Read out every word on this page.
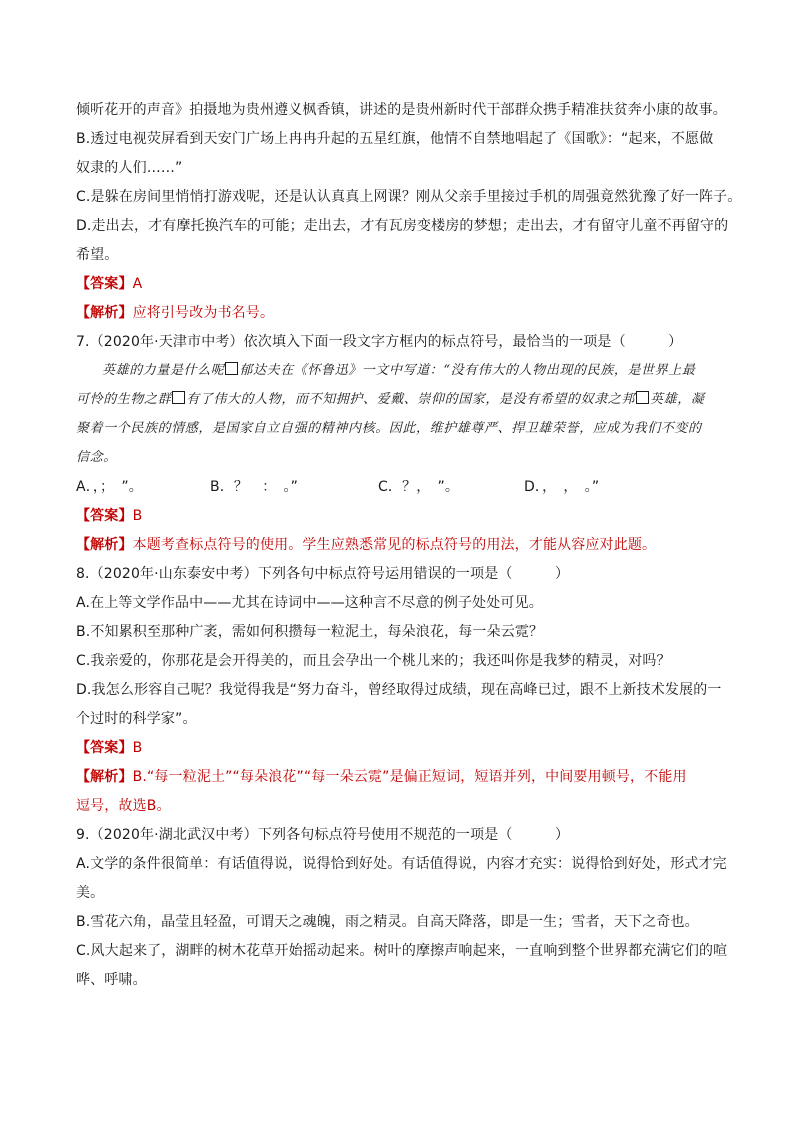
倾听花开的声音》拍摄地为贵州遵义枫香镇，讲述的是贵州新时代干部群众携手精准扶贫奔小康的故事。
B.透过电视荧屏看到天安门广场上冉冉升起的五星红旗，他情不自禁地唱起了《国歌》：“起来，不愿做
奴隶的人们……”
C.是躲在房间里悄悄打游戏呢，还是认认真真上网课？刚从父亲手里接过手机的周强竟然犹豫了好一阵子。
D.走出去，才有摩托换汽车的可能；走出去，才有瓦房变楼房的梦想；走出去，才有留守儿童不再留守的
希望。
【答案】A
【解析】应将引号改为书名号。
7.（2020年·天津市中考）依次填入下面一段文字方框内的标点符号，最恰当的一项是（　　　）
英雄的力量是什么呢 郁达夫在《怀鲁迅》一文中写道：“没有伟大的人物出现的民族，是世界上最
可怜的生物之群 有了伟大的人物，而不知拥护、爱戴、崇仰的国家，是没有希望的奴隶之邦 英雄，凝
聚着一个民族的情感，是国家自立自强的精神内核。因此，维护雄尊严、捍卫雄荣誉，应成为我们不变的
信念。
A．，；　”。	B．？　：　。”	C．？，　”。	D．，　，　。”
【答案】B
【解析】本题考查标点符号的使用。学生应熟悉常见的标点符号的用法，才能从容应对此题。
8.（2020年·山东泰安中考）下列各句中标点符号运用错误的一项是（　　　）
A.在上等文学作品中——尤其在诗词中——这种言不尽意的例子处处可见。
B.不知累积至那种广袤，需如何积攒每一粒泥土，每朵浪花，每一朵云霓？
C.我亲爱的，你那花是会开得美的，而且会孕出一个桃儿来的；我还叫你是我梦的精灵，对吗？
D.我怎么形容自己呢？我觉得我是“努力奋斗，曾经取得过成绩，现在高峰已过，跟不上新技术发展的一
个过时的科学家”。
【答案】B
【解析】B.“每一粒泥土”“每朵浪花”“每一朵云霓”是偏正短词，短语并列，中间要用顿号，不能用
逗号，故选B。
9.（2020年·湖北武汉中考）下列各句标点符号使用不规范的一项是（　　　）
A.文学的条件很简单：有话值得说，说得恰到好处。有话值得说，内容才充实：说得恰到好处，形式才完
美。
B.雪花六角，晶莹且轻盈，可谓天之魂魄，雨之精灵。自高天降落，即是一生；雪者，天下之奇也。
C.风大起来了，湖畔的树木花草开始摇动起来。树叶的摩擦声响起来，一直响到整个世界都充满它们的喧
哗、呼啸。
